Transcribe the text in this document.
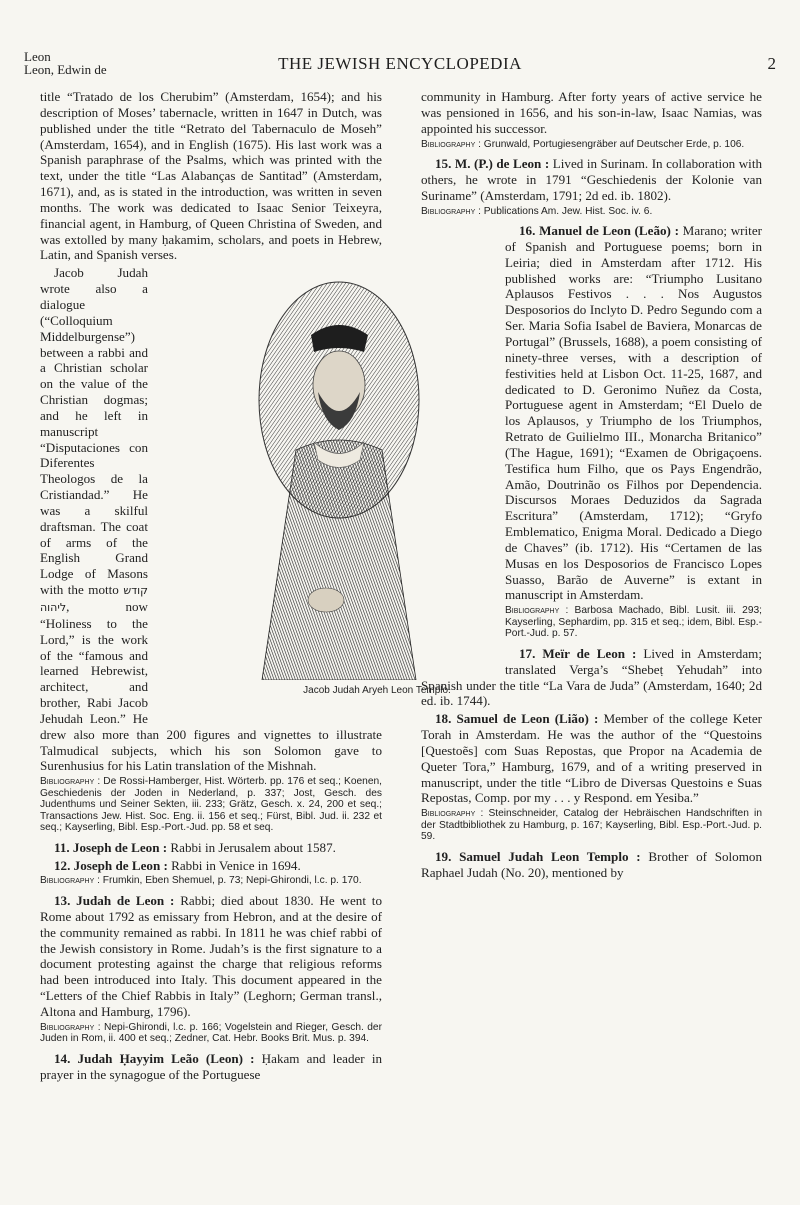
Leon
Leon, Edwin de	THE JEWISH ENCYCLOPEDIA	2

title “Tratado de los Cherubim” (Amsterdam, 1654); and his description of Moses’ tabernacle, written in 1647 in Dutch, was published under the title “Retrato del Tabernaculo de Moseh” (Amsterdam, 1654), and in English (1675). His last work was a Spanish paraphrase of the Psalms, which was printed with the text, under the title “Las Alabanças de Santitad” (Amsterdam, 1671), and, as is stated in the introduction, was written in seven months. The work was dedicated to Isaac Senior Teixeyra, financial agent, in Hamburg, of Queen Christina of Sweden, and was extolled by many ḥakamim, scholars, and poets in Hebrew, Latin, and Spanish verses.

Jacob Judah wrote also a dialogue (“Colloquium Middelburgense”) between a rabbi and a Christian scholar on the value of the Christian dogmas; and he left in manuscript “Disputaciones con Diferentes Theologos de la Cristiandad.” He was a skilful draftsman. The coat of arms of the English Grand Lodge of Masons with the motto קודש ליהוה, now “Holiness to the Lord,” is the work of the “famous and learned Hebrewist, architect, and brother, Rabi Jacob Jehudah Leon.” He drew also more than 200 figures and vignettes to illustrate Talmudical subjects, which his son Solomon gave to Surenhusius for his Latin translation of the Mishnah.

Bibliography : De Rossi-Hamberger, Hist. Wörterb. pp. 176 et seq.; Koenen, Geschiedenis der Joden in Nederland, p. 337; Jost, Gesch. des Judenthums und Seiner Sekten, iii. 233; Grätz, Gesch. x. 24, 200 et seq.; Transactions Jew. Hist. Soc. Eng. ii. 156 et seq.; Fürst, Bibl. Jud. ii. 232 et seq.; Kayserling, Bibl. Esp.-Port.-Jud. pp. 58 et seq.

11. Joseph de Leon : Rabbi in Jerusalem about 1587.

12. Joseph de Leon : Rabbi in Venice in 1694.

Bibliography : Frumkin, Eben Shemuel, p. 73; Nepi-Ghirondi, l.c. p. 170.

13. Judah de Leon : Rabbi; died about 1830. He went to Rome about 1792 as emissary from Hebron, and at the desire of the community remained as rabbi. In 1811 he was chief rabbi of the Jewish consistory in Rome. Judah’s is the first signature to a document protesting against the charge that religious reforms had been introduced into Italy. This document appeared in the “Letters of the Chief Rabbis in Italy” (Leghorn; German transl., Altona and Hamburg, 1796).

Bibliography : Nepi-Ghirondi, l.c. p. 166; Vogelstein and Rieger, Gesch. der Juden in Rom, ii. 400 et seq.; Zedner, Cat. Hebr. Books Brit. Mus. p. 394.

14. Judah Ḥayyim Leão (Leon) : Ḥakam and leader in prayer in the synagogue of the Portuguese

community in Hamburg. After forty years of active service he was pensioned in 1656, and his son-in-law, Isaac Namias, was appointed his successor.

Bibliography : Grunwald, Portugiesengräber auf Deutscher Erde, p. 106.

15. M. (P.) de Leon : Lived in Surinam. In collaboration with others, he wrote in 1791 “Geschiedenis der Kolonie van Suriname” (Amsterdam, 1791; 2d ed. ib. 1802).

Bibliography : Publications Am. Jew. Hist. Soc. iv. 6.

16. Manuel de Leon (Leão) : Marano; writer of Spanish and Portuguese poems; born in Leiria; died in Amsterdam after 1712. His published works are: “Triumpho Lusitano Aplausos Festivos . . . Nos Augustos Desposorios do Inclyto D. Pedro Segundo com a Ser. Maria Sofia Isabel de Baviera, Monarcas de Portugal” (Brussels, 1688), a poem consisting of ninety-three verses, with a description of festivities held at Lisbon Oct. 11-25, 1687, and dedicated to D. Geronimo Nuñez da Costa, Portuguese agent in Amsterdam; “El Duelo de los Aplausos, y Triumpho de los Triumphos, Retrato de Guilielmo III., Monarcha Britanico” (The Hague, 1691); “Examen de Obrigaçoens. Testifica hum Filho, que os Pays Engendrão, Amão, Doutrinão os Filhos por Dependencia. Discursos Moraes Deduzidos da Sagrada Escritura” (Amsterdam, 1712); “Gryfo Emblematico, Enigma Moral. Dedicado a Diego de Chaves” (ib. 1712). His “Certamen de las Musas en los Desposorios de Francisco Lopes Suasso, Barão de Auverne” is extant in manuscript in Amsterdam.

Bibliography : Barbosa Machado, Bibl. Lusit. iii. 293; Kayserling, Sephardim, pp. 315 et seq.; idem, Bibl. Esp.-Port.-Jud. p. 57.

17. Meïr de Leon : Lived in Amsterdam; translated Verga’s “Shebeṭ Yehudah” into Spanish under the title “La Vara de Juda” (Amsterdam, 1640; 2d ed. ib. 1744).

18. Samuel de Leon (Lião) : Member of the college Keter Torah in Amsterdam. He was the author of the “Questoins [Questoẽs] com Suas Repostas, que Propor na Academia de Queter Tora,” Hamburg, 1679, and of a writing preserved in manuscript, under the title “Libro de Diversas Questoins e Suas Repostas, Comp. por my . . . y Respond. em Yesiba.”

Bibliography : Steinschneider, Catalog der Hebräischen Handschriften in der Stadtbibliothek zu Hamburg, p. 167; Kayserling, Bibl. Esp.-Port.-Jud. p. 59.

19. Samuel Judah Leon Templo : Brother of Solomon Raphael Judah (No. 20), mentioned by

Jacob Judah Aryeh Leon Templo.
